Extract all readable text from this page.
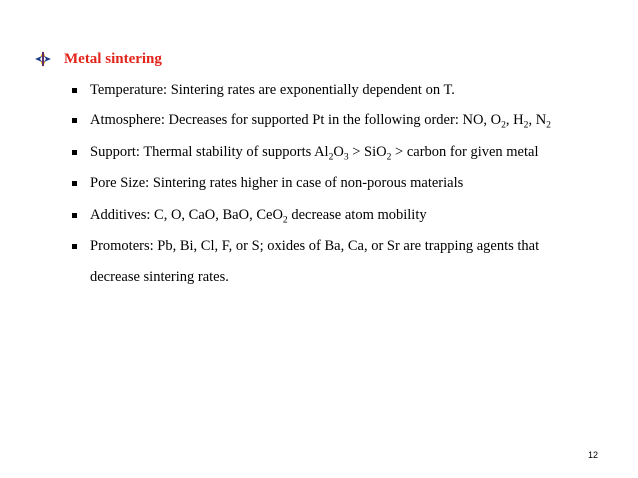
Metal sintering
Temperature: Sintering rates are exponentially dependent on T.
Atmosphere: Decreases for supported Pt in the following order: NO, $O_2$, $H_2$, $N_2$
Support: Thermal stability of supports $Al_2O_3 > SiO_2$ > carbon for given metal
Pore Size: Sintering rates higher in case of non-porous materials
Additives: C, O, CaO, BaO, CeO$_2$ decrease atom mobility
Promoters: Pb, Bi, Cl, F, or S; oxides of Ba, Ca, or Sr are trapping agents that
decrease sintering rates.
12
